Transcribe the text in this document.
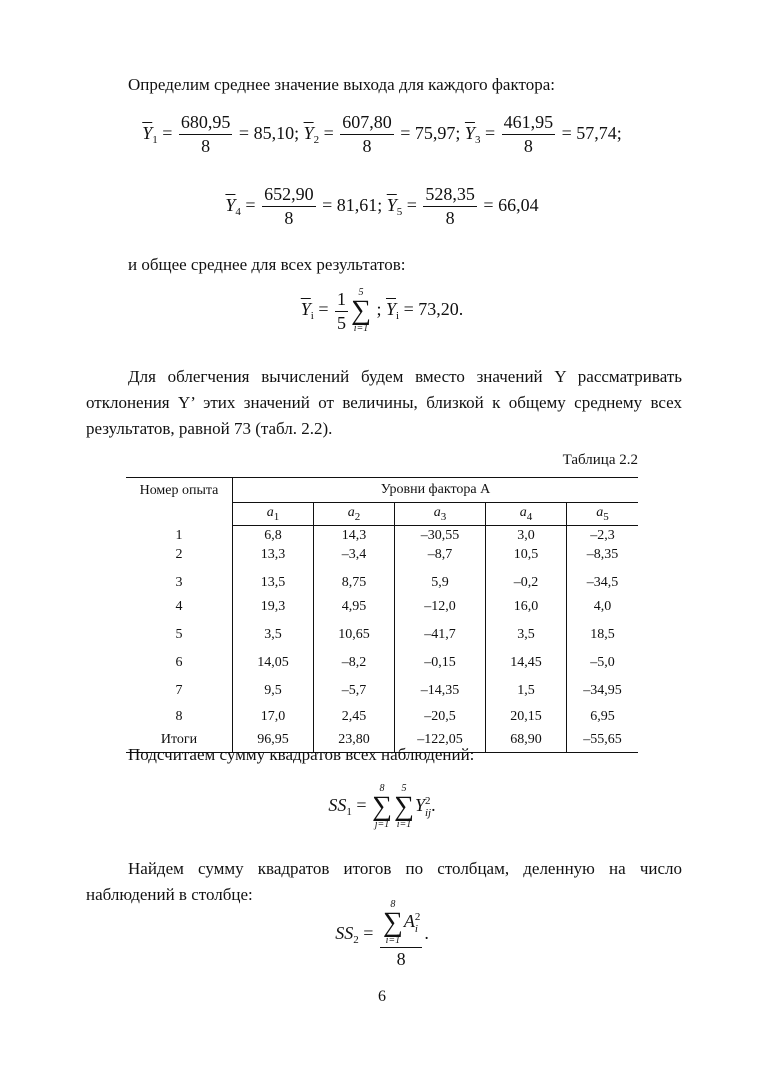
Определим среднее значение выхода для каждого фактора:
$\overline{Y}_1 = \frac{680,95}{8} = 85,10$; $\overline{Y}_2 = \frac{607,80}{8} = 75,97$; $\overline{Y}_3 = \frac{461,95}{8} = 57,74$;
$\overline{Y}_4 = \frac{652,90}{8} = 81,61$; $\overline{Y}_5 = \frac{528,35}{8} = 66,04$
и общее среднее для всех результатов:
$\overline{Y}_i = \frac{1}{5}$	5
∑
i=1
; $\overline{Y}_i = 73,20$.
Для облегчения вычислений будем вместо значений Y рассматривать отклонения Y’ этих значений от величины, близкой к общему среднему всех результатов, равной 73 (табл. 2.2).
Таблица 2.2
Номер опыта	Уровни фактора A				
	$a_1$	$a_2$	$a_3$	$a_4$	$a_5$
1	6,8	14,3	–30,55	3,0	–2,3
2	13,3	–3,4	–8,7	10,5	–8,35
3	13,5	8,75	5,9	–0,2	–34,5
4	19,3	4,95	–12,0	16,0	4,0
5	3,5	10,65	–41,7	3,5	18,5
6	14,05	–8,2	–0,15	14,45	–5,0
7	9,5	–5,7	–14,35	1,5	–34,95
8	17,0	2,45	–20,5	20,15	6,95
Итоги	96,95	23,80	–122,05	68,90	–55,65
Подсчитаем сумму квадратов всех наблюдений:
$SS_1$ =
8
∑
j=1
5
∑
i=1
Y 2
ij .
Найдем сумму квадратов итогов по столбцам, деленную на число наблюдений в столбце:
$SS_2 = 8$
∑
i=1
A 2
i
8 .
6
